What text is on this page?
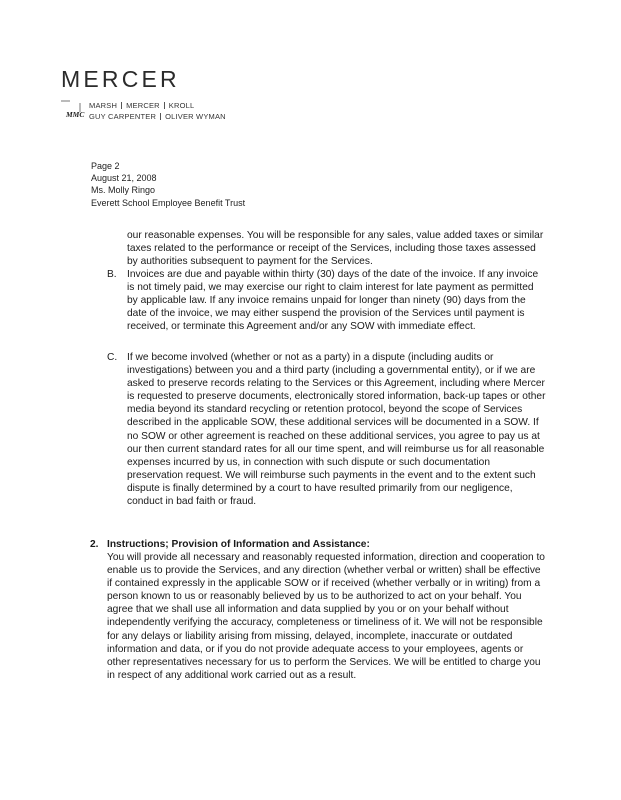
MERCER
MMC
MARSH MERCER KROLL
GUY CARPENTER OLIVER WYMAN
Page 2
August 21, 2008
Ms. Molly Ringo
Everett School Employee Benefit Trust

our reasonable expenses. You will be responsible for any sales, value added taxes or similar taxes related to the performance or receipt of the Services, including those taxes assessed by authorities subsequent to payment for the Services.

B. Invoices are due and payable within thirty (30) days of the date of the invoice. If any invoice is not timely paid, we may exercise our right to claim interest for late payment as permitted by applicable law. If any invoice remains unpaid for longer than ninety (90) days from the date of the invoice, we may either suspend the provision of the Services until payment is received, or terminate this Agreement and/or any SOW with immediate effect.

C. If we become involved (whether or not as a party) in a dispute (including audits or investigations) between you and a third party (including a governmental entity), or if we are asked to preserve records relating to the Services or this Agreement, including where Mercer is requested to preserve documents, electronically stored information, back-up tapes or other media beyond its standard recycling or retention protocol, beyond the scope of Services described in the applicable SOW, these additional services will be documented in a SOW. If no SOW or other agreement is reached on these additional services, you agree to pay us at our then current standard rates for all our time spent, and will reimburse us for all reasonable expenses incurred by us, in connection with such dispute or such documentation preservation request. We will reimburse such payments in the event and to the extent such dispute is finally determined by a court to have resulted primarily from our negligence, conduct in bad faith or fraud.

2. Instructions; Provision of Information and Assistance:

You will provide all necessary and reasonably requested information, direction and cooperation to enable us to provide the Services, and any direction (whether verbal or written) shall be effective if contained expressly in the applicable SOW or if received (whether verbally or in writing) from a person known to us or reasonably believed by us to be authorized to act on your behalf. You agree that we shall use all information and data supplied by you or on your behalf without independently verifying the accuracy, completeness or timeliness of it. We will not be responsible for any delays or liability arising from missing, delayed, incomplete, inaccurate or outdated information and data, or if you do not provide adequate access to your employees, agents or other representatives necessary for us to perform the Services. We will be entitled to charge you in respect of any additional work carried out as a result.
